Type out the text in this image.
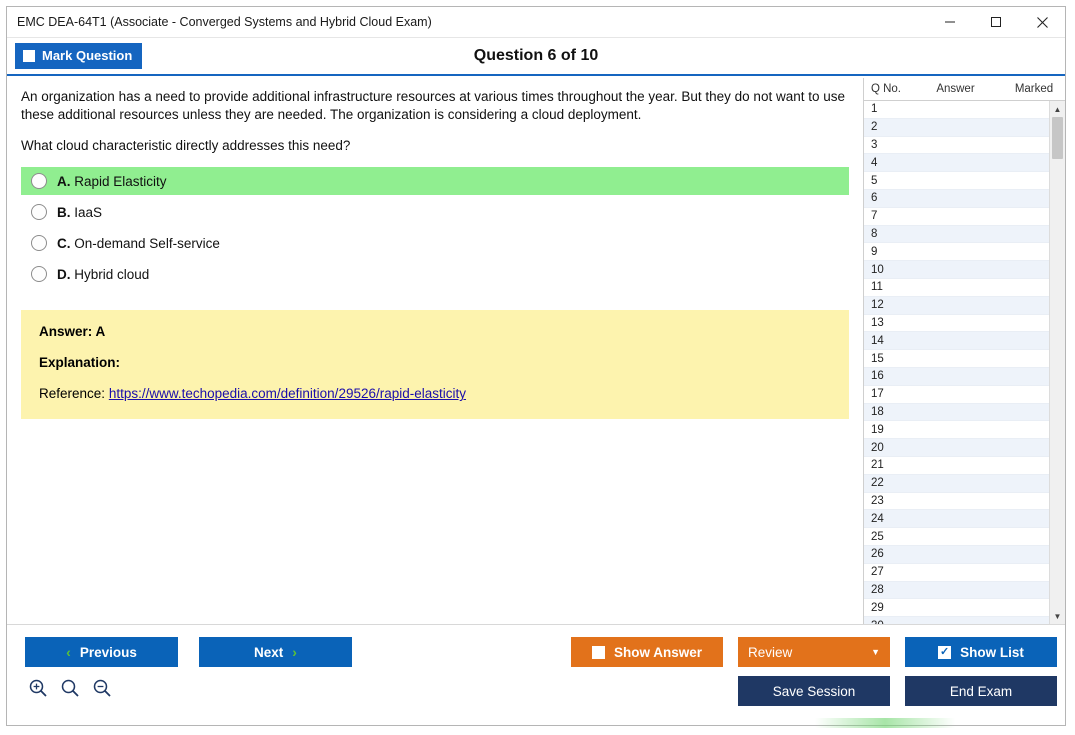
EMC DEA-64T1 (Associate - Converged Systems and Hybrid Cloud Exam)
Mark Question	Question 6 of 10
An organization has a need to provide additional infrastructure resources at various times throughout the year. But they do not want to use these additional resources unless they are needed. The organization is considering a cloud deployment.
What cloud characteristic directly addresses this need?
A. Rapid Elasticity
B. IaaS
C. On-demand Self-service
D. Hybrid cloud
Answer: A
Explanation:
Reference: https://www.techopedia.com/definition/29526/rapid-elasticity
Q No.	Answer	Marked
1
2
3
4
5
6
7
8
9
10
11
12
13
14
15
16
17
18
19
20
21
22
23
24
25
26
27
28
29
▲
▼
‹ Previous	Next ›	Show Answer	Review	▼	✓ Show List
Save Session	End Exam
